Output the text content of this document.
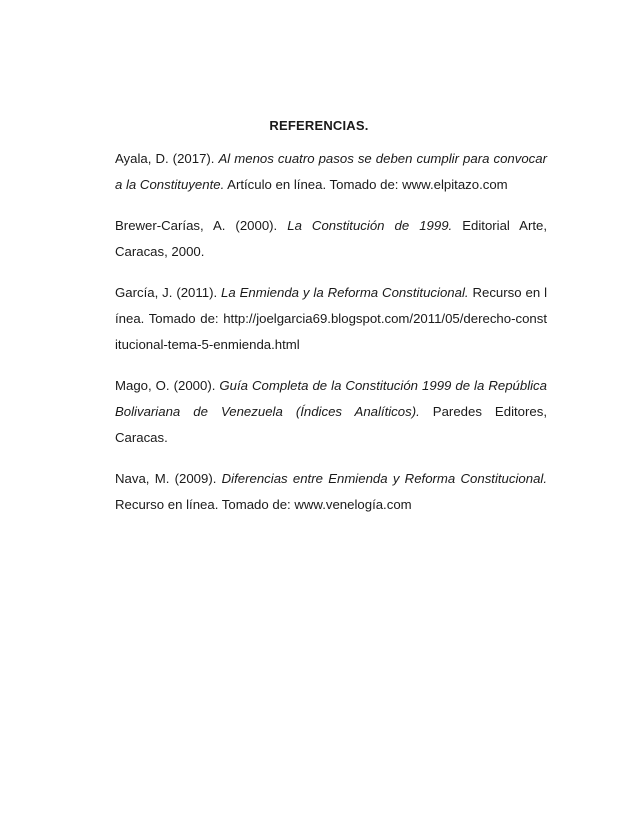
REFERENCIAS.

Ayala, D. (2017). Al menos cuatro pasos se deben cumplir para convocar a la Constituyente. Artículo en línea. Tomado de: www.elpitazo.com

Brewer-Carías, A. (2000). La Constitución de 1999. Editorial Arte, Caracas, 2000.

García, J. (2011). La Enmienda y la Reforma Constitucional. Recurso en línea. Tomado de: http://joelgarcia69.blogspot.com/2011/05/derecho-constitucional-tema-5-enmienda.html

Mago, O. (2000). Guía Completa de la Constitución 1999 de la República Bolivariana de Venezuela (Índices Analíticos). Paredes Editores, Caracas.

Nava, M. (2009). Diferencias entre Enmienda y Reforma Constitucional. Recurso en línea. Tomado de: www.venelogía.com
